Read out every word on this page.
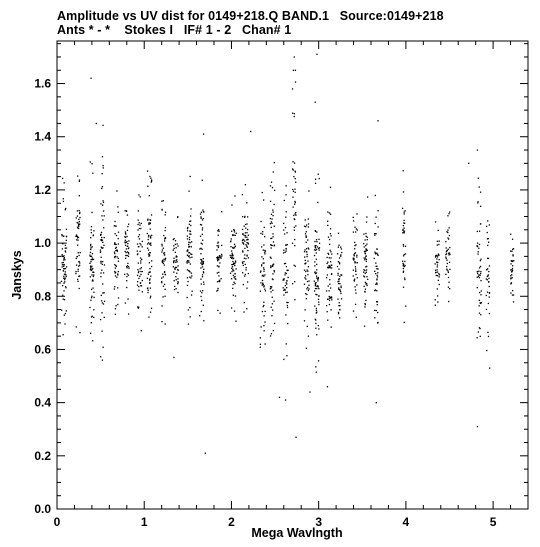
Amplitude vs UV dist for 0149+218.Q BAND.1   Source:0149+218
Ants * - *    Stokes I   IF# 1 - 2   Chan# 1
0	1	2	3	4	5
0.0
0.2
0.4
0.6
0.8
1.0
1.2
1.4
1.6
Mega Wavlngth
Janskys
